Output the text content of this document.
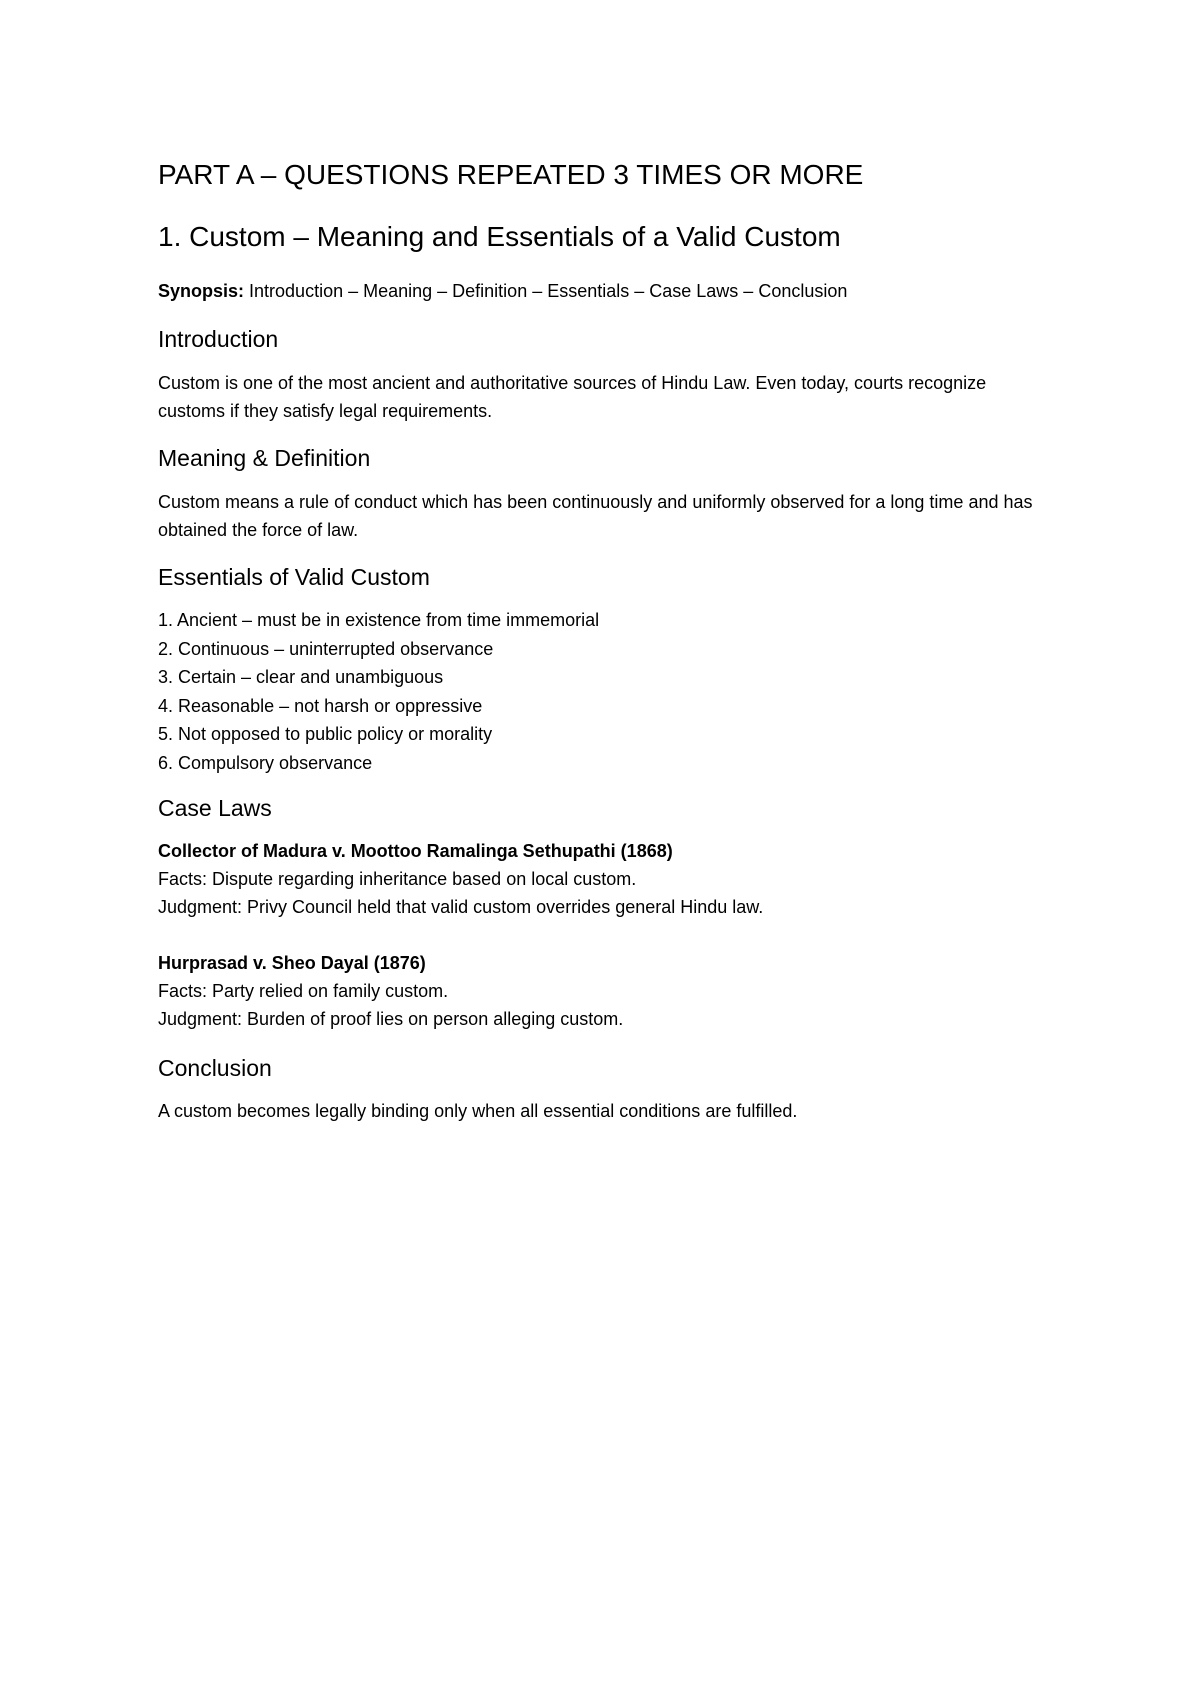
PART A – QUESTIONS REPEATED 3 TIMES OR MORE
1. Custom – Meaning and Essentials of a Valid Custom

Synopsis: Introduction – Meaning – Definition – Essentials – Case Laws – Conclusion

Introduction

Custom is one of the most ancient and authoritative sources of Hindu Law. Even today, courts recognize customs if they satisfy legal requirements.

Meaning & Definition

Custom means a rule of conduct which has been continuously and uniformly observed for a long time and has obtained the force of law.

Essentials of Valid Custom
1. Ancient – must be in existence from time immemorial
2. Continuous – uninterrupted observance
3. Certain – clear and unambiguous
4. Reasonable – not harsh or oppressive
5. Not opposed to public policy or morality
6. Compulsory observance
Case Laws
Collector of Madura v. Moottoo Ramalinga Sethupathi (1868)
Facts: Dispute regarding inheritance based on local custom.
Judgment: Privy Council held that valid custom overrides general Hindu law.
Hurprasad v. Sheo Dayal (1876)
Facts: Party relied on family custom.
Judgment: Burden of proof lies on person alleging custom.
Conclusion

A custom becomes legally binding only when all essential conditions are fulfilled.
